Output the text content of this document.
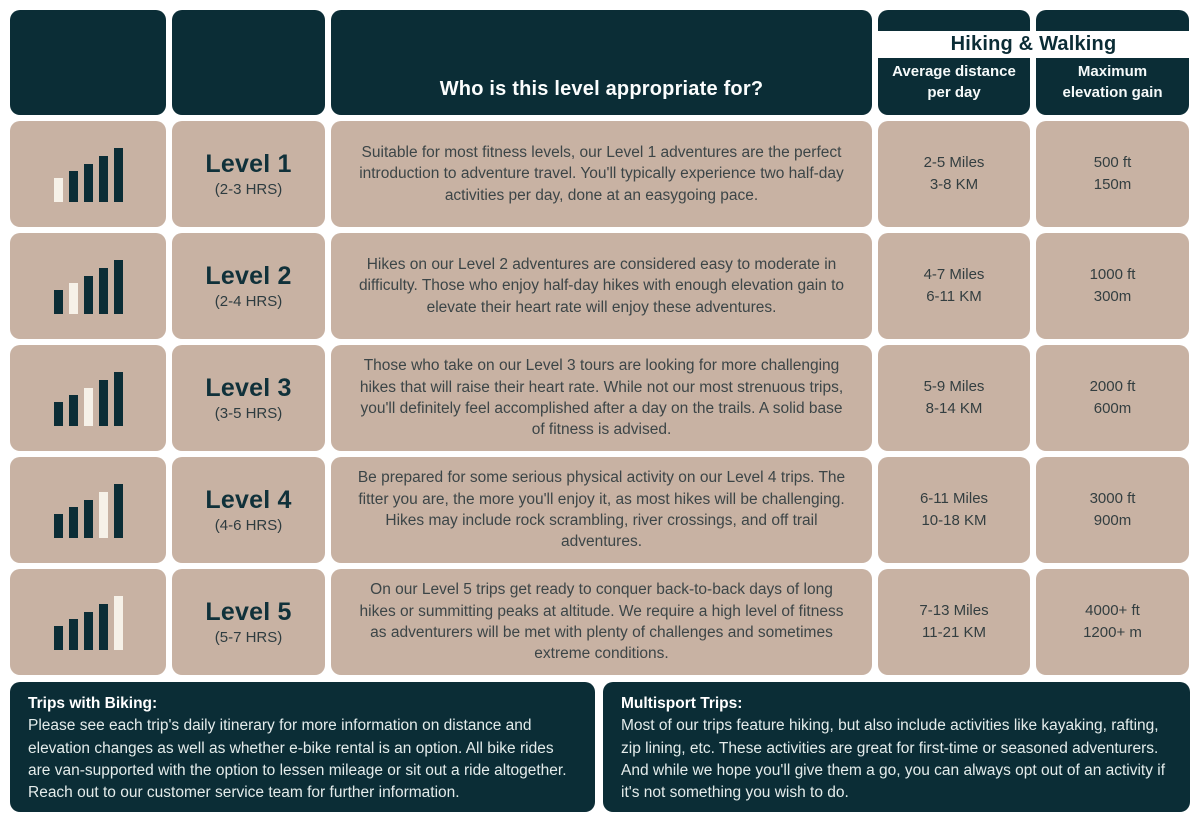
Who is this level appropriate for?
Average distance
per day
Maximum
elevation gain
Level 1
(2-3 HRS)
Suitable for most fitness levels, our Level 1 adventures are the perfect introduction to adventure travel. You'll typically experience two half-day activities per day, done at an easygoing pace.
2-5 Miles
3-8 KM
500 ft
150m
Level 2
(2-4 HRS)
Hikes on our Level 2 adventures are considered easy to moderate in difficulty. Those who enjoy half-day hikes with enough elevation gain to elevate their heart rate will enjoy these adventures.
4-7 Miles
6-11 KM
1000 ft
300m
Level 3
(3-5 HRS)
Those who take on our Level 3 tours are looking for more challenging hikes that will raise their heart rate. While not our most strenuous trips, you'll definitely feel accomplished after a day on the trails. A solid base of fitness is advised.
5-9 Miles
8-14 KM
2000 ft
600m
Level 4
(4-6 HRS)
Be prepared for some serious physical activity on our Level 4 trips. The fitter you are, the more you'll enjoy it, as most hikes will be challenging. Hikes may include rock scrambling, river crossings, and off trail adventures.
6-11 Miles
10-18 KM
3000 ft
900m
Level 5
(5-7 HRS)
On our Level 5 trips get ready to conquer back-to-back days of long hikes or summitting peaks at altitude. We require a high level of fitness as adventurers will be met with plenty of challenges and sometimes extreme conditions.
7-13 Miles
11-21 KM
4000+ ft
1200+ m
Hiking & Walking
Trips with Biking:
Please see each trip's daily itinerary for more information on distance and elevation changes as well as whether e-bike rental is an option. All bike rides are van-supported with the option to lessen mileage or sit out a ride altogether. Reach out to our customer service team for further information.
Multisport Trips:
Most of our trips feature hiking, but also include activities like kayaking, rafting, zip lining, etc. These activities are great for first-time or seasoned adventurers. And while we hope you'll give them a go, you can always opt out of an activity if it's not something you wish to do.
